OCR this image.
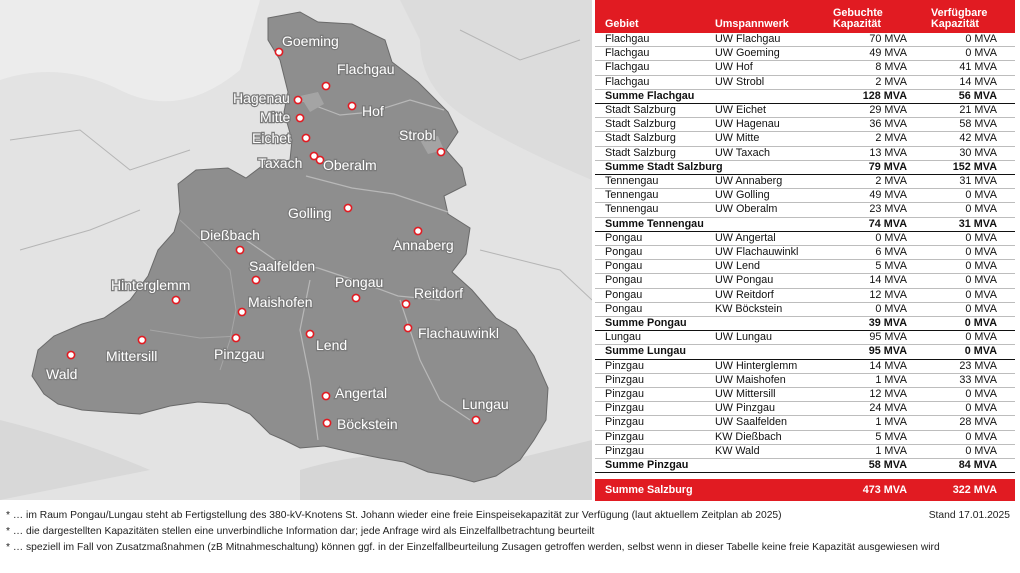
Goeming
Flachgau
Hagenau
Hof
Mitte
Eichet	Strobl
Taxach Oberalm
Golling
Annaberg
Dießbach
Saalfelden
Hinterglemm	Pongau
Reitdorf
Maishofen
Flachauwinkl
Lend
Mittersill	Pinzgau
Wald
Angertal
Lungau
Böckstein
Gebiet	Umspannwerk	Gebuchte Kapazität	Verfügbare Kapazität
Flachgau	UW Flachgau	70 MVA	0 MVA
Flachgau	UW Goeming	49 MVA	0 MVA
Flachgau	UW Hof	8 MVA	41 MVA
Flachgau	UW Strobl	2 MVA	14 MVA
Summe Flachgau		128 MVA	56 MVA
Stadt Salzburg	UW Eichet	29 MVA	21 MVA
Stadt Salzburg	UW Hagenau	36 MVA	58 MVA
Stadt Salzburg	UW Mitte	2 MVA	42 MVA
Stadt Salzburg	UW Taxach	13 MVA	30 MVA
Summe Stadt Salzburg		79 MVA	152 MVA
Tennengau	UW Annaberg	2 MVA	31 MVA
Tennengau	UW Golling	49 MVA	0 MVA
Tennengau	UW Oberalm	23 MVA	0 MVA
Summe Tennengau		74 MVA	31 MVA
Pongau	UW Angertal	0 MVA	0 MVA
Pongau	UW Flachauwinkl	6 MVA	0 MVA
Pongau	UW Lend	5 MVA	0 MVA
Pongau	UW Pongau	14 MVA	0 MVA
Pongau	UW Reitdorf	12 MVA	0 MVA
Pongau	KW Böckstein	0 MVA	0 MVA
Summe Pongau		39 MVA	0 MVA
Lungau	UW Lungau	95 MVA	0 MVA
Summe Lungau		95 MVA	0 MVA
Pinzgau	UW Hinterglemm	14 MVA	23 MVA
Pinzgau	UW Maishofen	1 MVA	33 MVA
Pinzgau	UW Mittersill	12 MVA	0 MVA
Pinzgau	UW Pinzgau	24 MVA	0 MVA
Pinzgau	UW Saalfelden	1 MVA	28 MVA
Pinzgau	KW Dießbach	5 MVA	0 MVA
Pinzgau	KW Wald	1 MVA	0 MVA
Summe Pinzgau		58 MVA	84 MVA

Summe Salzburg		473 MVA	322 MVA
* … im Raum Pongau/Lungau steht ab Fertigstellung des 380-kV-Knotens St. Johann wieder eine freie Einspeisekapazität zur Verfügung (laut aktuellem Zeitplan ab 2025)
* … die dargestellten Kapazitäten stellen eine unverbindliche Information dar; jede Anfrage wird als Einzelfallbetrachtung beurteilt
* … speziell im Fall von Zusatzmaßnahmen (zB Mitnahmeschaltung) können ggf. in der Einzelfallbeurteilung Zusagen getroffen werden, selbst wenn in dieser Tabelle keine freie Kapazität ausgewiesen wird
Stand 17.01.2025
